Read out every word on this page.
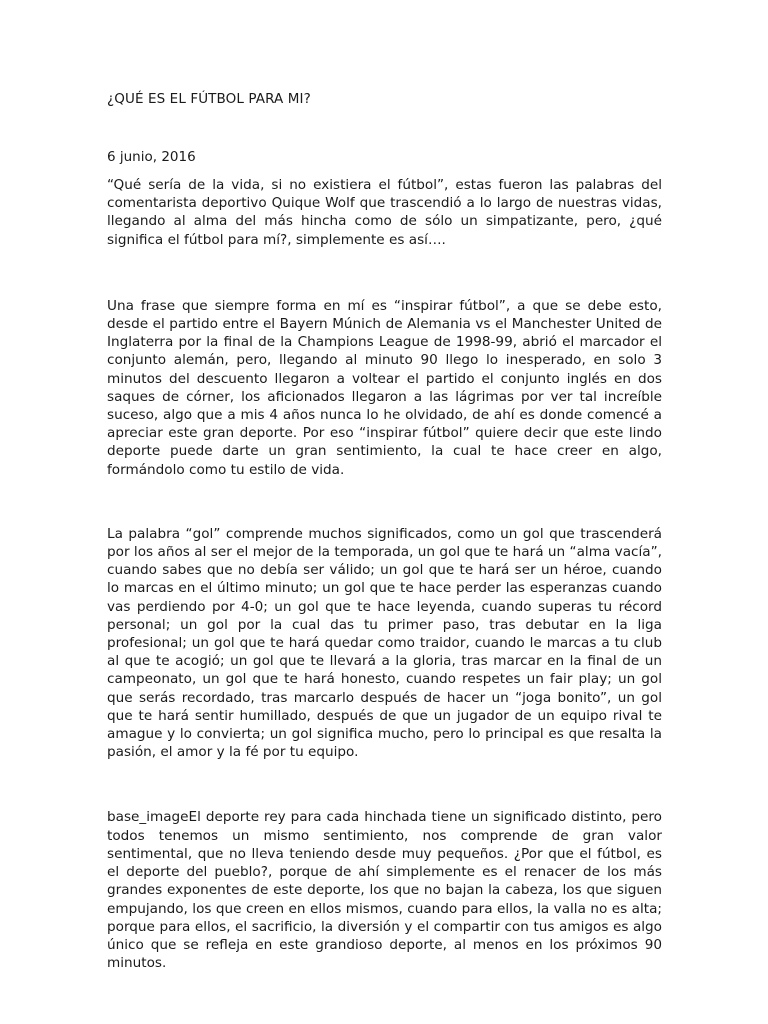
¿QUÉ ES EL FÚTBOL PARA MI?
6 junio, 2016

“Qué sería de la vida, si no existiera el fútbol”, estas fueron las palabras del comentarista deportivo Quique Wolf que trascendió a lo largo de nuestras vidas, llegando al alma del más hincha como de sólo un simpatizante, pero, ¿qué significa el fútbol para mí?, simplemente es así….

Una frase que siempre forma en mí es “inspirar fútbol”, a que se debe esto, desde el partido entre el Bayern Múnich de Alemania vs el Manchester United de Inglaterra por la final de la Champions League de 1998-99, abrió el marcador el conjunto alemán, pero, llegando al minuto 90 llego lo inesperado, en solo 3 minutos del descuento llegaron a voltear el partido el conjunto inglés en dos saques de córner, los aficionados llegaron a las lágrimas por ver tal increíble suceso, algo que a mis 4 años nunca lo he olvidado, de ahí es donde comencé a apreciar este gran deporte. Por eso “inspirar fútbol” quiere decir que este lindo deporte puede darte un gran sentimiento, la cual te hace creer en algo, formándolo como tu estilo de vida.

La palabra “gol” comprende muchos significados, como un gol que trascenderá por los años al ser el mejor de la temporada, un gol que te hará un “alma vacía”, cuando sabes que no debía ser válido; un gol que te hará ser un héroe, cuando lo marcas en el último minuto; un gol que te hace perder las esperanzas cuando vas perdiendo por 4-0; un gol que te hace leyenda, cuando superas tu récord personal; un gol por la cual das tu primer paso, tras debutar en la liga profesional; un gol que te hará quedar como traidor, cuando le marcas a tu club al que te acogió; un gol que te llevará a la gloria, tras marcar en la final de un campeonato, un gol que te hará honesto, cuando respetes un fair play; un gol que serás recordado, tras marcarlo después de hacer un “joga bonito”, un gol que te hará sentir humillado, después de que un jugador de un equipo rival te amague y lo convierta; un gol significa mucho, pero lo principal es que resalta la pasión, el amor y la fé por tu equipo.

base_imageEl deporte rey para cada hinchada tiene un significado distinto, pero todos tenemos un mismo sentimiento, nos comprende de gran valor sentimental, que no lleva teniendo desde muy pequeños. ¿Por que el fútbol, es el deporte del pueblo?, porque de ahí simplemente es el renacer de los más grandes exponentes de este deporte, los que no bajan la cabeza, los que siguen empujando, los que creen en ellos mismos, cuando para ellos, la valla no es alta; porque para ellos, el sacrificio, la diversión y el compartir con tus amigos es algo único que se refleja en este grandioso deporte, al menos en los próximos 90 minutos.
